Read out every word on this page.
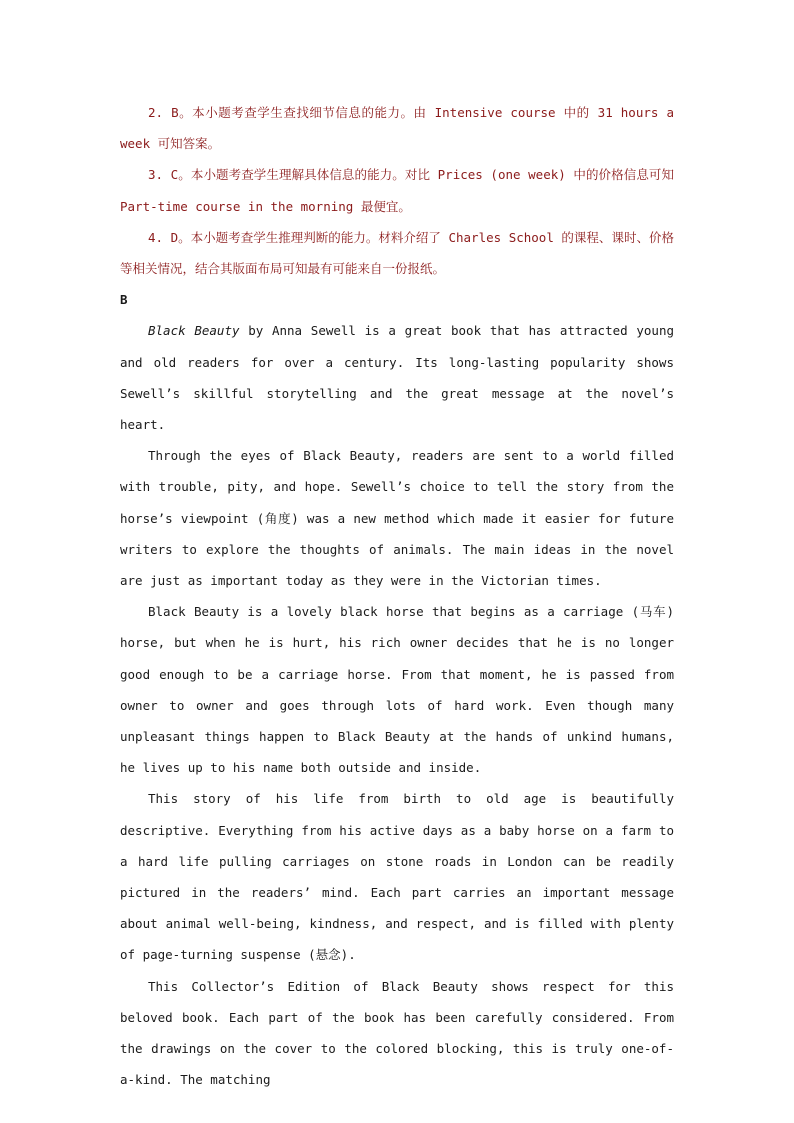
2. B。本小题考查学生查找细节信息的能力。由 Intensive course 中的 31 hours a week 可知答案。

3. C。本小题考查学生理解具体信息的能力。对比 Prices (one week) 中的价格信息可知 Part-time course in the morning 最便宜。

4. D。本小题考查学生推理判断的能力。材料介绍了 Charles School 的课程、课时、价格等相关情况，结合其版面布局可知最有可能来自一份报纸。

B

Black Beauty by Anna Sewell is a great book that has attracted young and old readers for over a century. Its long-lasting popularity shows Sewell’s skillful storytelling and the great message at the novel’s heart.

Through the eyes of Black Beauty, readers are sent to a world filled with trouble, pity, and hope. Sewell’s choice to tell the story from the horse’s viewpoint (角度) was a new method which made it easier for future writers to explore the thoughts of animals. The main ideas in the novel are just as important today as they were in the Victorian times.

Black Beauty is a lovely black horse that begins as a carriage (马车) horse, but when he is hurt, his rich owner decides that he is no longer good enough to be a carriage horse. From that moment, he is passed from owner to owner and goes through lots of hard work. Even though many unpleasant things happen to Black Beauty at the hands of unkind humans, he lives up to his name both outside and inside.

This story of his life from birth to old age is beautifully descriptive. Everything from his active days as a baby horse on a farm to a hard life pulling carriages on stone roads in London can be readily pictured in the readers’ mind. Each part carries an important message about animal well-being, kindness, and respect, and is filled with plenty of page-turning suspense (悬念).

This Collector’s Edition of Black Beauty shows respect for this beloved book. Each part of the book has been carefully considered. From the drawings on the cover to the colored blocking, this is truly one-of-a-kind. The matching
